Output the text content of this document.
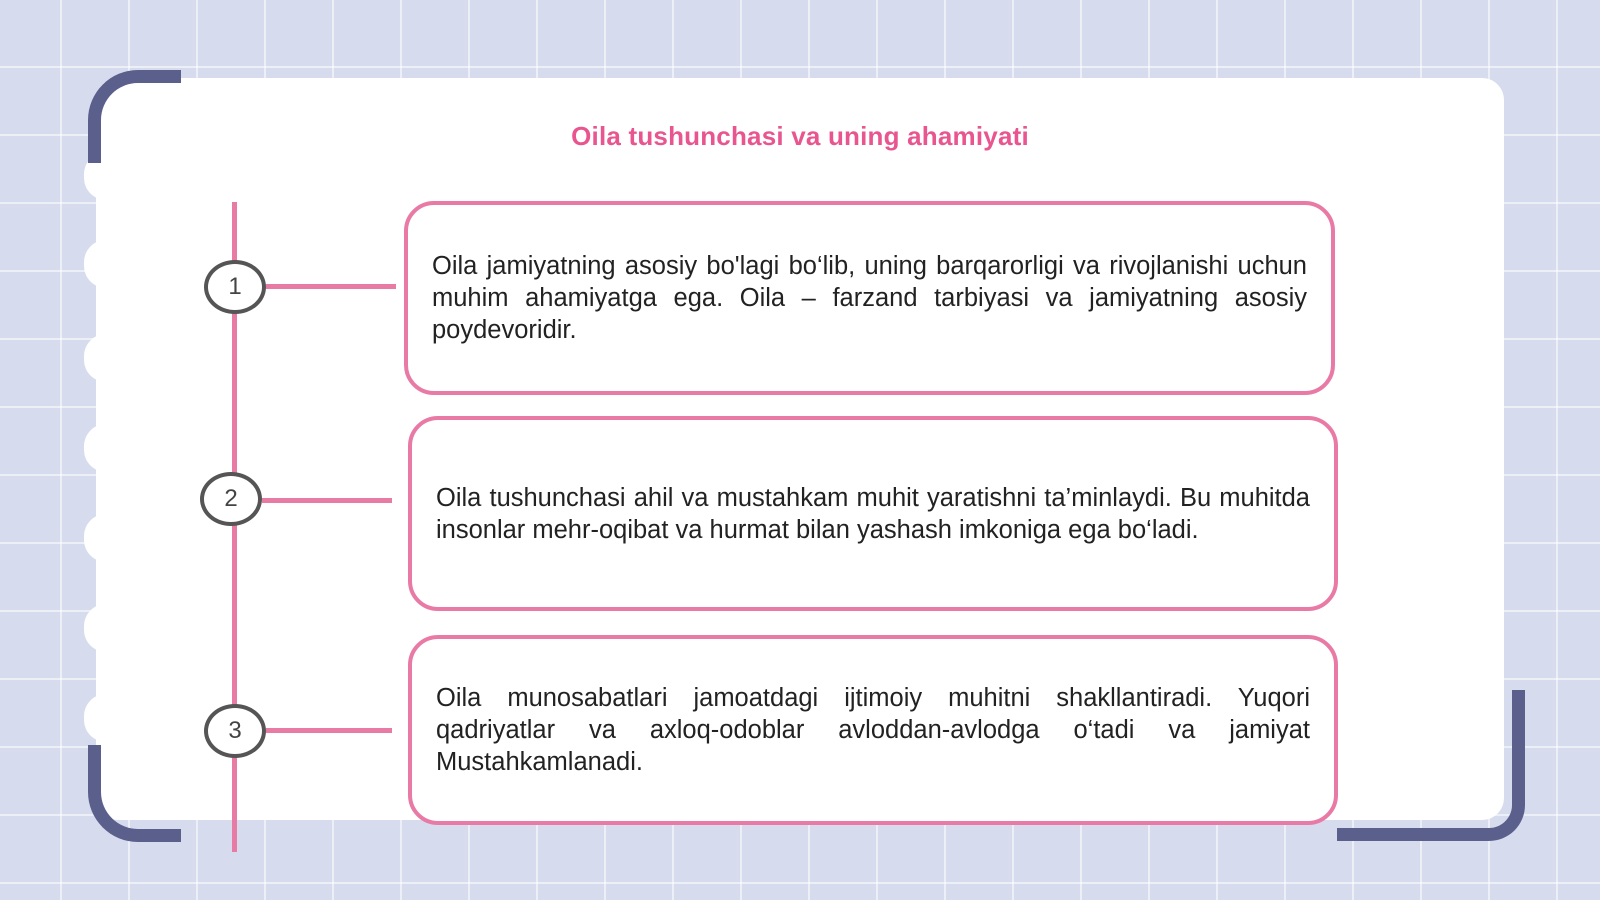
Oila tushunchasi va uning ahamiyati
1
2
3

Oila jamiyatning asosiy bo'lagi bo‘lib, uning barqarorligi va rivojlanishi uchun muhim ahamiyatga ega. Oila – farzand tarbiyasi va jamiyatning asosiy poydevoridir.

Oila tushunchasi ahil va mustahkam muhit yaratishni ta’minlaydi. Bu muhitda insonlar mehr-oqibat va hurmat bilan yashash imkoniga ega bo‘ladi.

Oila munosabatlari jamoatdagi ijtimoiy muhitni shakllantiradi. Yuqori qadriyatlar va axloq-odoblar avloddan-avlodga o‘tadi va jamiyat Mustahkamlanadi.
